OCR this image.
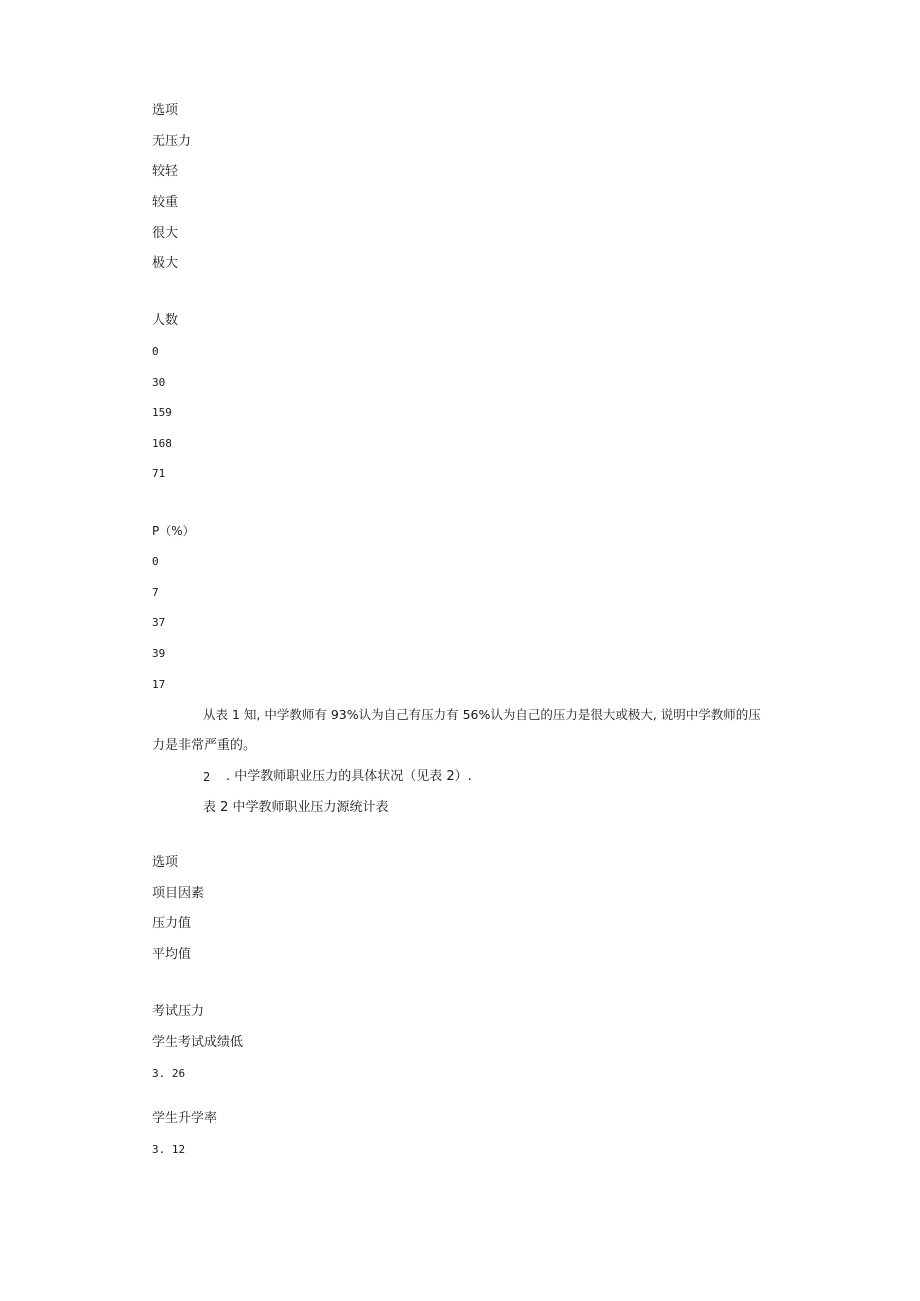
选项
无压力
较轻
较重
很大
极大
人数
0
30
159
168
71
P（%）
0
7
37
39
17
从表 1 知, 中学教师有 93%认为自己有压力有 56%认为自己的压力是很大或极大, 说明中学教师的压
力是非常严重的。
2 . 中学教师职业压力的具体状况（见表 2）.
表 2 中学教师职业压力源统计表
选项
项目因素
压力值
平均值
考试压力
学生考试成绩低
3. 26
学生升学率
3. 12
